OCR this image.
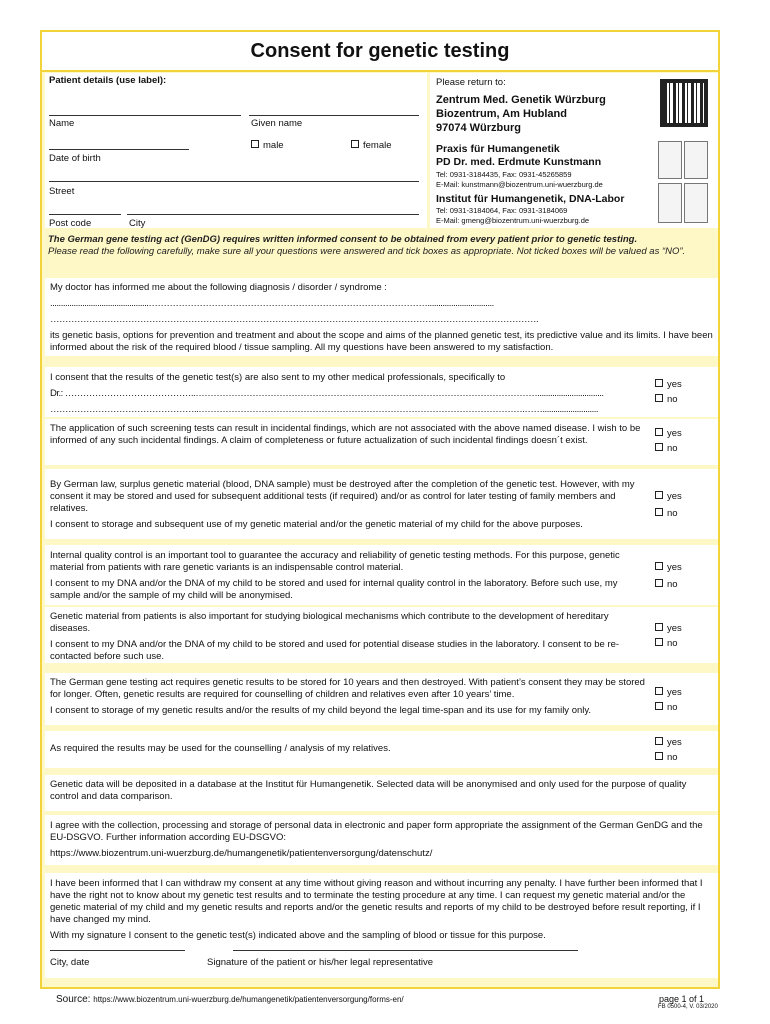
Consent for genetic testing
Patient details (use label):
Name	Given name
male	female
Date of birth
Street
Post code	City
Please return to:
Zentrum Med. Genetik Würzburg
Biozentrum, Am Hubland
97074 Würzburg
Praxis für Humangenetik
PD Dr. med. Erdmute Kunstmann
Tel: 0931-3184435, Fax: 0931-45265859
E-Mail: kunstmann@biozentrum.uni-wuerzburg.de
Institut für Humangenetik, DNA-Labor
Tel: 0931-3184064, Fax: 0931-3184069
E-Mail: gmeng@biozentrum.uni-wuerzburg.de
The German gene testing act (GenDG) requires written informed consent to be obtained from every patient prior to genetic testing.
Please read the following carefully, make sure all your questions were answered and tick boxes as appropriate. Not ticked boxes will be valued as “NO”.

My doctor has informed me about the following diagnosis / disorder / syndrome :

..............................................…………………………………………………………………………………...............................

……………………………………………………………………………………………………………………………………………….

its genetic basis, options for prevention and treatment and about the scope and aims of the planned genetic test, its predictive value and its limits. I have been informed about the risk of the required blood / tissue sampling. All my questions have been answered to my satisfaction.

I consent that the results of the genetic test(s) are also sent to my other medical professionals, specifically to

Dr.: ……………………………………..……………………………………………………………………………………………………...............................

…………………………………………..……………………………………………………………………………………………….……..........................

yes
no

The application of such screening tests can result in incidental findings, which are not associated with the above named disease. I wish to be informed of any such incidental findings. A claim of completeness or future actualization of such incidental findings doesn´t exist.

yes
no

By German law, surplus genetic material (blood, DNA sample) must be destroyed after the completion of the genetic test. However, with my consent it may be stored and used for subsequent additional tests (if required) and/or as control for later testing of family members and relatives.

I consent to storage and subsequent use of my genetic material and/or the genetic material of my child for the above purposes.

yes
no

Internal quality control is an important tool to guarantee the accuracy and reliability of genetic testing methods. For this purpose, genetic material from patients with rare genetic variants is an indispensable control material.

I consent to my DNA and/or the DNA of my child to be stored and used for internal quality control in the laboratory. Before such use, my sample and/or the sample of my child will be anonymised.

yes
no

Genetic material from patients is also important for studying biological mechanisms which contribute to the development of hereditary diseases.

I consent to my DNA and/or the DNA of my child to be stored and used for potential disease studies in the laboratory. I consent to be re-contacted before such use.

yes
no

The German gene testing act requires genetic results to be stored for 10 years and then destroyed. With patient’s consent they may be stored for longer. Often, genetic results are required for counselling of children and relatives even after 10 years’ time.

I consent to storage of my genetic results and/or the results of my child beyond the legal time-span and its use for my family only.

yes
no

As required the results may be used for the counselling / analysis of my relatives.

yes
no

Genetic data will be deposited in a database at the Institut für Humangenetik. Selected data will be anonymised and only used for the purpose of quality control and data comparison.

I agree with the collection, processing and storage of personal data in electronic and paper form appropriate the assignment of the German GenDG and the EU-DSGVO. Further information according EU-DSGVO:

https://www.biozentrum.uni-wuerzburg.de/humangenetik/patientenversorgung/datenschutz/

I have been informed that I can withdraw my consent at any time without giving reason and without incurring any penalty. I have further been informed that I have the right not to know about my genetic test results and to terminate the testing procedure at any time. I can request my genetic material and/or the genetic material of my child and my genetic results and reports and/or the genetic results and reports of my child to be destroyed before result reporting, if I have changed my mind.

With my signature I consent to the genetic test(s) indicated above and the sampling of blood or tissue for this purpose.

City, date	Signature of the patient or his/her legal representative
Source: https://www.biozentrum.uni-wuerzburg.de/humangenetik/patientenversorgung/forms-en/	page 1 of 1
FB 0500-4, V. 03/2020
